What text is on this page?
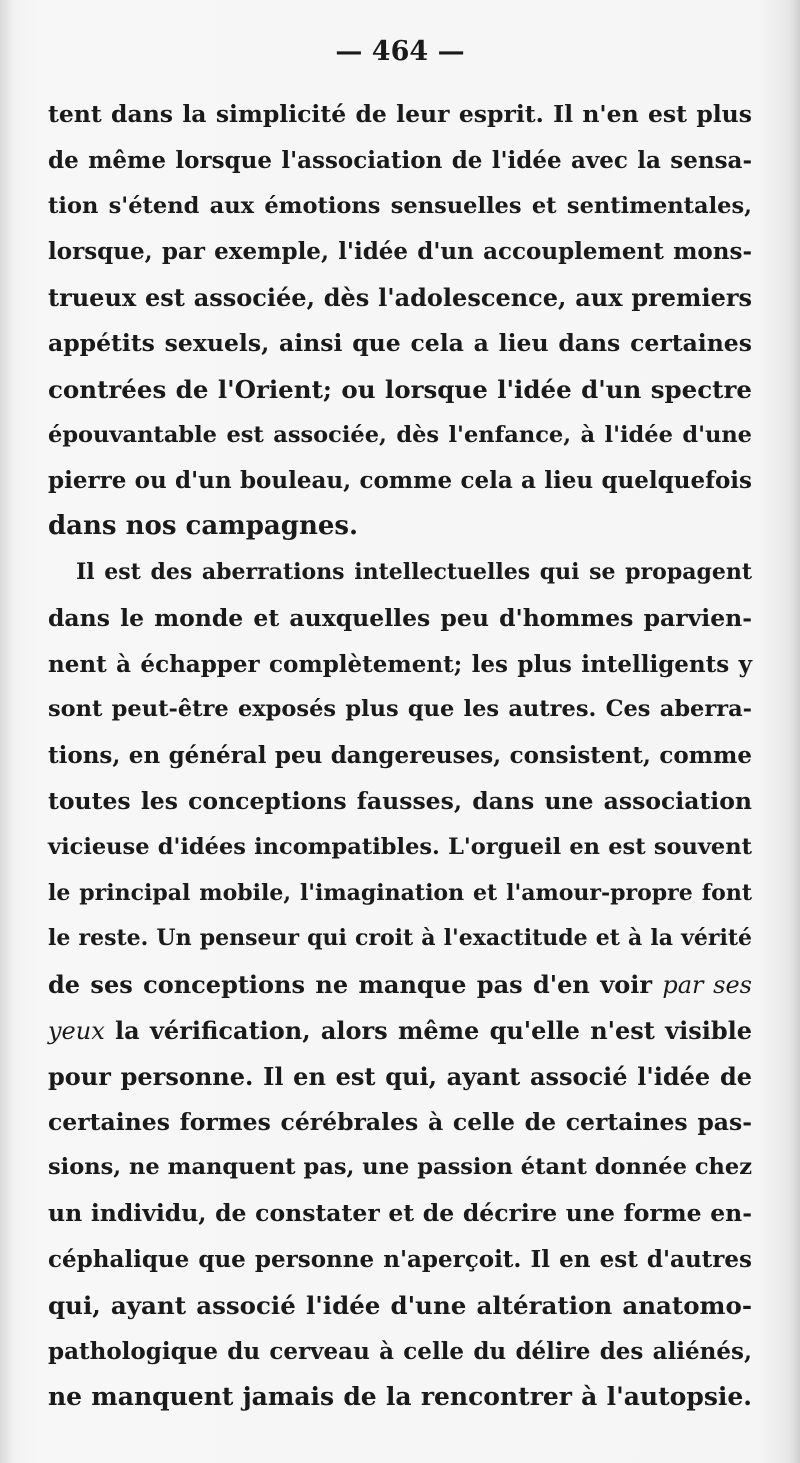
— 464 —
tent dans la simplicité de leur esprit. Il n'en est plus
de même lorsque l'association de l'idée avec la sensa-
tion s'étend aux émotions sensuelles et sentimentales,
lorsque, par exemple, l'idée d'un accouplement mons-
trueux est associée, dès l'adolescence, aux premiers
appétits sexuels, ainsi que cela a lieu dans certaines
contrées de l'Orient; ou lorsque l'idée d'un spectre
épouvantable est associée, dès l'enfance, à l'idée d'une
pierre ou d'un bouleau, comme cela a lieu quelquefois
dans nos campagnes.
Il est des aberrations intellectuelles qui se propagent
dans le monde et auxquelles peu d'hommes parvien-
nent à échapper complètement; les plus intelligents y
sont peut-être exposés plus que les autres. Ces aberra-
tions, en général peu dangereuses, consistent, comme
toutes les conceptions fausses, dans une association
vicieuse d'idées incompatibles. L'orgueil en est souvent
le principal mobile, l'imagination et l'amour-propre font
le reste. Un penseur qui croit à l'exactitude et à la vérité
de ses conceptions ne manque pas d'en voir par ses
yeux la vérification, alors même qu'elle n'est visible
pour personne. Il en est qui, ayant associé l'idée de
certaines formes cérébrales à celle de certaines pas-
sions, ne manquent pas, une passion étant donnée chez
un individu, de constater et de décrire une forme en-
céphalique que personne n'aperçoit. Il en est d'autres
qui, ayant associé l'idée d'une altération anatomo-
pathologique du cerveau à celle du délire des aliénés,
ne manquent jamais de la rencontrer à l'autopsie.
